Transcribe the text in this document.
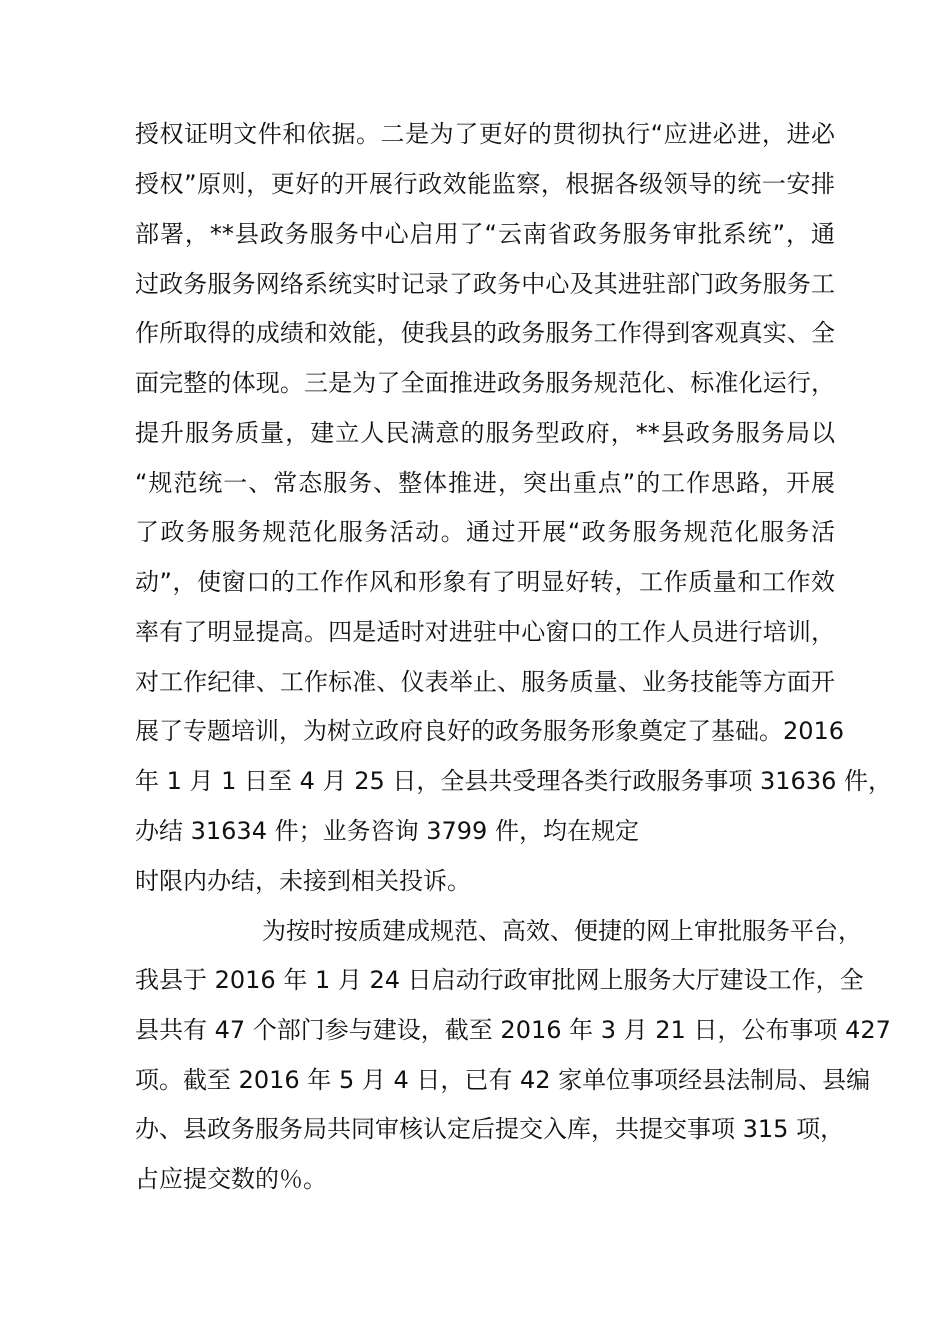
授权证明文件和依据。二是为了更好的贯彻执行“应进必进，进必
授权”原则，更好的开展行政效能监察，根据各级领导的统一安排
部署，**县政务服务中心启用了“云南省政务服务审批系统”，通
过政务服务网络系统实时记录了政务中心及其进驻部门政务服务工
作所取得的成绩和效能，使我县的政务服务工作得到客观真实、全
面完整的体现。三是为了全面推进政务服务规范化、标准化运行，
提升服务质量，建立人民满意的服务型政府，**县政务服务局以
“规范统一、常态服务、整体推进，突出重点”的工作思路，开展
了政务服务规范化服务活动。通过开展“政务服务规范化服务活
动”，使窗口的工作作风和形象有了明显好转，工作质量和工作效
率有了明显提高。四是适时对进驻中心窗口的工作人员进行培训，
对工作纪律、工作标准、仪表举止、服务质量、业务技能等方面开
展了专题培训，为树立政府良好的政务服务形象奠定了基础。2016
年 1 月 1 日至 4 月 25 日，全县共受理各类行政服务事项 31636 件，
办结 31634 件；业务咨询 3799 件，均在规定
时限内办结，未接到相关投诉。
为按时按质建成规范、高效、便捷的网上审批服务平台，
我县于 2016 年 1 月 24 日启动行政审批网上服务大厅建设工作，全
县共有 47 个部门参与建设，截至 2016 年 3 月 21 日，公布事项 427
项。截至 2016 年 5 月 4 日，已有 42 家单位事项经县法制局、县编
办、县政务服务局共同审核认定后提交入库，共提交事项 315 项，
占应提交数的％。
